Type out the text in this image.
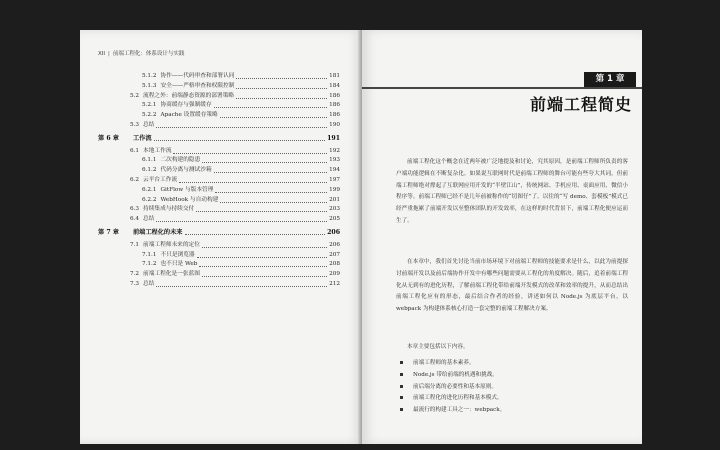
XII | 前端工程化：体系设计与实践
5.1.2 协作——代码审查和部署认同	181
5.1.3 安全——严格审查和权限控制	184
5.2 流程之外：前端静态资源的部署策略	186
5.2.1 协商缓存与强制缓存	186
5.2.2 Apache 设置缓存策略	186
5.3 总结	190
第 6 章 工作流	191
6.1 本地工作流	192
6.1.1 二次构建的隐患	193
6.1.2 代码分离与测试沙箱	194
6.2 云平台工作流	197
6.2.1 GitFlow 与版本管理	199
6.2.2 WebHook 与自动构建	201
6.3 持续集成与持续交付	203
6.4 总结	205
第 7 章 前端工程化的未来	206
7.1 前端工程师未来的定位	206
7.1.1 不只是浏览器	207
7.1.2 也不只是 Web	208
7.2 前端工程化是一张蓝图	209
7.3 总结	212
第 1 章
前端工程简史

前端工程化这个概念在近两年被广泛地提及和讨论，究其原因，是前端工程师所负责的客户端功能逻辑在不断复杂化。如果说互联网时代是前端工程师的舞台可能有些夸大其词，但前端工程师绝对撑起了互联网应用开发的“半壁江山”，传统网站、手机应用、桌面应用、微信小程序等。前端工程师已经不是几年前被称作的“切图仔”了。以往的“写 demo、套模板”模式已经严重拖累了前端开发以至整体团队的开发效率，在这样的时代背景下，前端工程化便应运而生了。

在本章中，我们首先讨论当前市场环境下对前端工程师的技能要求是什么，以此为前提探讨前端开发以及前后端协作开发中有哪些问题需要从工程化的角度解决。随后，追着前端工程化从无到有的进化历程，了解前端工程化带给前端开发模式的改革和效率的提升，从而总结出前端工程化应有的形态，最后结合作者的经验，讲述如何以 Node.js 为底层平台，以 webpack 为构建体系核心打造一套完整的前端工程解决方案。

本章主要包括以下内容。
前端工程师的基本素养。
Node.js 带给前端的机遇和挑战。
前后端分离的必要性和基本原则。
前端工程化的进化历程和基本模式。
最流行的构建工具之一：webpack。
